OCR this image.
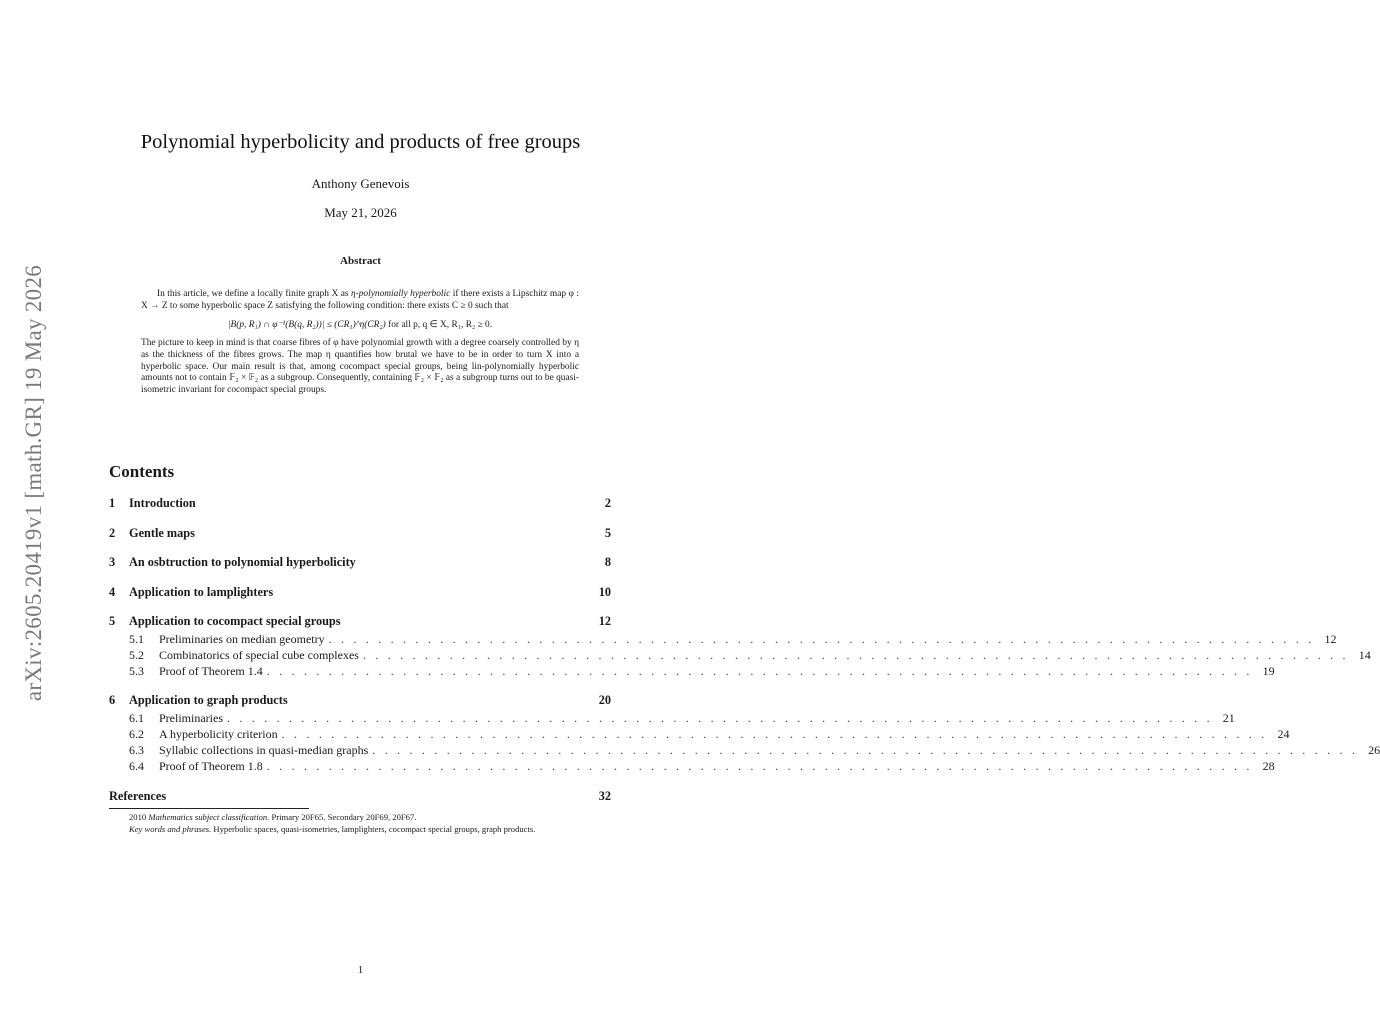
arXiv:2605.20419v1 [math.GR] 19 May 2026
Polynomial hyperbolicity and products of free groups
Anthony Genevois
May 21, 2026
Abstract

In this article, we define a locally finite graph X as η-polynomially hyperbolic if there exists a Lipschitz map φ : X → Z to some hyperbolic space Z satisfying the following condition: there exists C ≥ 0 such that

|B(p, R₁) ∩ φ⁻¹(B(q, R₂))| ≤ (CR₁)^η(CR₂) for all p, q ∈ X, R₁, R₂ ≥ 0.

The picture to keep in mind is that coarse fibres of φ have polynomial growth with a degree coarsely controlled by η as the thickness of the fibres grows. The map η quantifies how brutal we have to be in order to turn X into a hyperbolic space. Our main result is that, among cocompact special groups, being lin-polynomially hyperbolic amounts not to contain 𝔽₂ × 𝔽₂ as a subgroup. Consequently, containing 𝔽₂ × 𝔽₂ as a subgroup turns out to be quasi-isometric invariant for cocompact special groups.

Contents
1	Introduction	2
2	Gentle maps	5
3	An osbtruction to polynomial hyperbolicity	8
4	Application to lamplighters	10
5	Application to cocompact special groups	12
5.1	Preliminaries on median geometry . . . . . . . . . . . . . . . . . . . . . . . . . . . . . . . . . . . . . . . . . . . . . . . . . . . . . . . . . . . . . . . . . . . . . . . . . . . . . . . . 12
5.2	Combinatorics of special cube complexes . . . . . . . . . . . . . . . . . . . . . . . . . . . . . . . . . . . . . . . . . . . . . . . . . . . . . . . . . . . . . . . . . . . . . . . . . . . . . . . . 14
5.3	Proof of Theorem 1.4 . . . . . . . . . . . . . . . . . . . . . . . . . . . . . . . . . . . . . . . . . . . . . . . . . . . . . . . . . . . . . . . . . . . . . . . . . . . . . . . . 19
6	Application to graph products	20
6.1	Preliminaries . . . . . . . . . . . . . . . . . . . . . . . . . . . . . . . . . . . . . . . . . . . . . . . . . . . . . . . . . . . . . . . . . . . . . . . . . . . . . . . . 21
6.2	A hyperbolicity criterion . . . . . . . . . . . . . . . . . . . . . . . . . . . . . . . . . . . . . . . . . . . . . . . . . . . . . . . . . . . . . . . . . . . . . . . . . . . . . . . . 24
6.3	Syllabic collections in quasi-median graphs . . . . . . . . . . . . . . . . . . . . . . . . . . . . . . . . . . . . . . . . . . . . . . . . . . . . . . . . . . . . . . . . . . . . . . . . . . . . . . . . 26
6.4	Proof of Theorem 1.8 . . . . . . . . . . . . . . . . . . . . . . . . . . . . . . . . . . . . . . . . . . . . . . . . . . . . . . . . . . . . . . . . . . . . . . . . . . . . . . . . 28
References	32

2010 Mathematics subject classification. Primary 20F65. Secondary 20F69, 20F67.

Key words and phrases. Hyperbolic spaces, quasi-isometries, lamplighters, cocompact special groups, graph products.

1
